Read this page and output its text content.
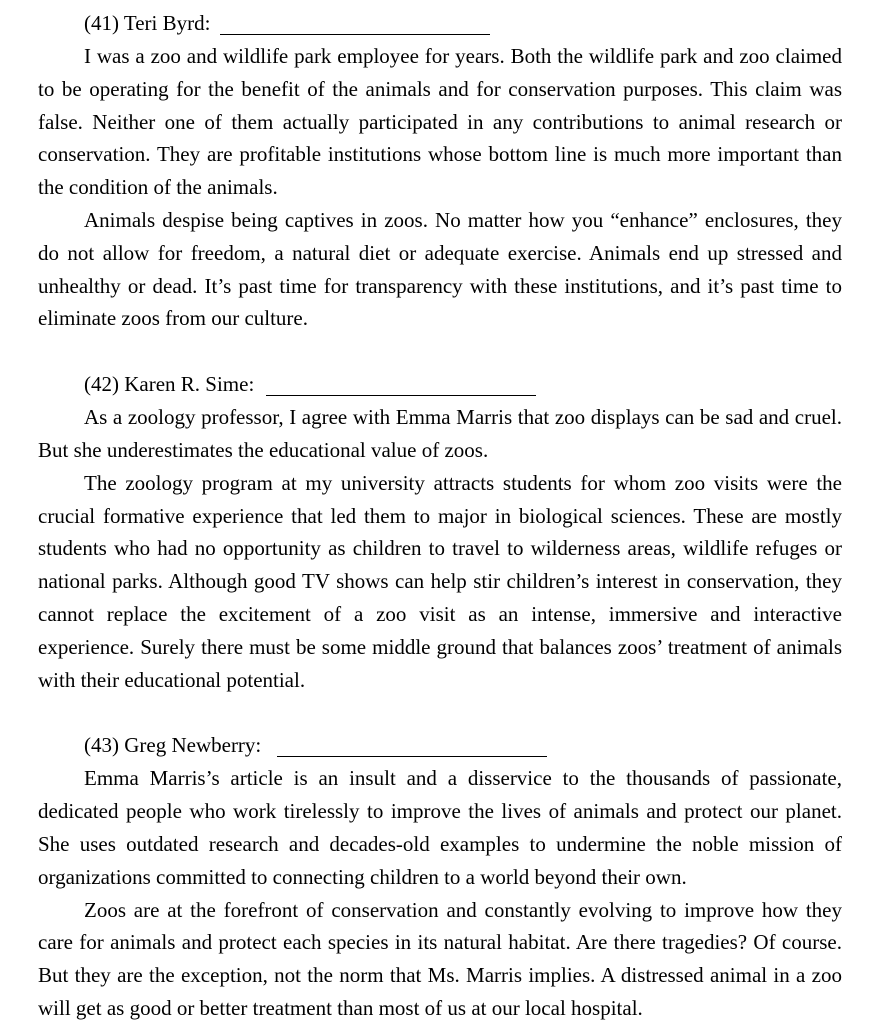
(41) Teri Byrd:

I was a zoo and wildlife park employee for years. Both the wildlife park and zoo claimed to be operating for the benefit of the animals and for conservation purposes. This claim was false. Neither one of them actually participated in any contributions to animal research or conservation. They are profitable institutions whose bottom line is much more important than the condition of the animals.

Animals despise being captives in zoos. No matter how you “enhance” enclosures, they do not allow for freedom, a natural diet or adequate exercise. Animals end up stressed and unhealthy or dead. It’s past time for transparency with these institutions, and it’s past time to eliminate zoos from our culture.

(42) Karen R. Sime:

As a zoology professor, I agree with Emma Marris that zoo displays can be sad and cruel. But she underestimates the educational value of zoos.

The zoology program at my university attracts students for whom zoo visits were the crucial formative experience that led them to major in biological sciences. These are mostly students who had no opportunity as children to travel to wilderness areas, wildlife refuges or national parks. Although good TV shows can help stir children’s interest in conservation, they cannot replace the excitement of a zoo visit as an intense, immersive and interactive experience. Surely there must be some middle ground that balances zoos’ treatment of animals with their educational potential.

(43) Greg Newberry:

Emma Marris’s article is an insult and a disservice to the thousands of passionate, dedicated people who work tirelessly to improve the lives of animals and protect our planet. She uses outdated research and decades-old examples to undermine the noble mission of organizations committed to connecting children to a world beyond their own.

Zoos are at the forefront of conservation and constantly evolving to improve how they care for animals and protect each species in its natural habitat. Are there tragedies? Of course. But they are the exception, not the norm that Ms. Marris implies. A distressed animal in a zoo will get as good or better treatment than most of us at our local hospital.
